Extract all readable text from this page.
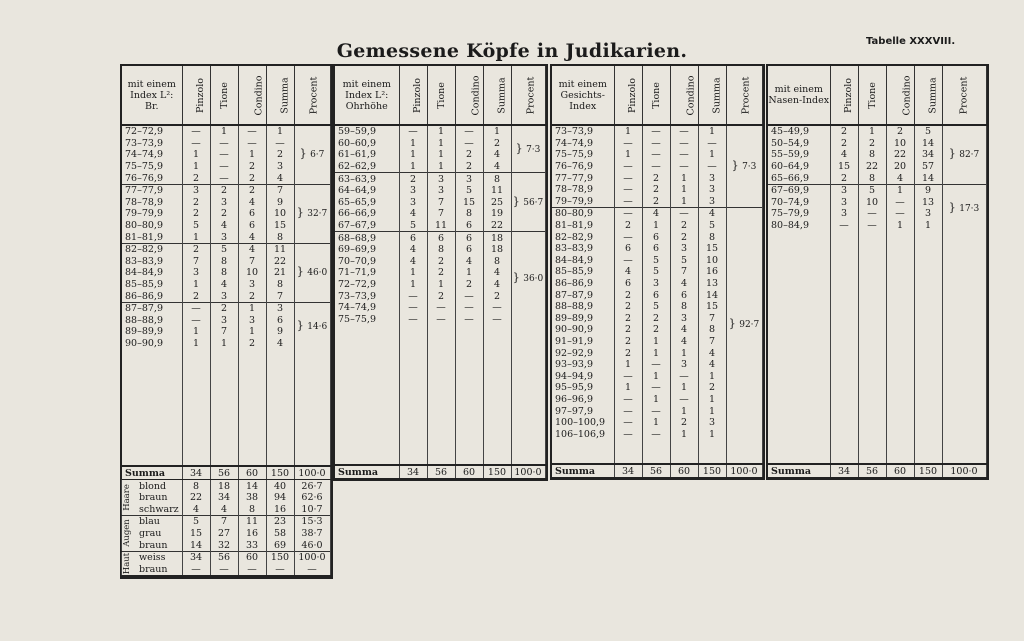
Gemessene Köpfe in Judikarien.	Tabelle XXXVIII.
mit einem Index L²: Br.	Pinzolo	Tione	Condino	Summa	Procent
72–72,9	—	1	—	1	} 6·7
73–73,9	—	—	—	—	
74–74,9	1	—	1	2	
75–75,9	1	—	2	3	
76–76,9	2	—	2	4	
77–77,9	3	2	2	7	} 32·7
78–78,9	2	3	4	9	
79–79,9	2	2	6	10	
80–80,9	5	4	6	15	
81–81,9	1	3	4	8	
82–82,9	2	5	4	11	} 46·0
83–83,9	7	8	7	22	
84–84,9	3	8	10	21	
85–85,9	1	4	3	8	
86–86,9	2	3	2	7	
87–87,9	—	2	1	3	} 14·6
88–88,9	—	3	3	6	
89–89,9	1	7	1	9	
90–90,9	1	1	2	4	

Summa	34	56	60	150	100·0

Haare blond	8	18	14	40	26·7
braun	22	34	38	94	62·6
schwarz	4	4	8	16	10·7

Augen blau	5	7	11	23	15·3
grau	15	27	16	58	38·7
braun	14	32	33	69	46·0

Haut weiss	34	56	60	150	100·0
braun	—	—	—	—	—
mit einem Index L²: Ohrhöhe	Pinzolo	Tione	Condino	Summa	Procent
59–59,9	—	1	—	1	} 7·3
60–60,9	1	1	—	2	
61–61,9	1	1	2	4	
62–62,9	1	1	2	4	
63–63,9	2	3	3	8	} 56·7
64–64,9	3	3	5	11	
65–65,9	3	7	15	25	
66–66,9	4	7	8	19	
67–67,9	5	11	6	22	
68–68,9	6	6	6	18	} 36·0
69–69,9	4	8	6	18	
70–70,9	4	2	4	8	
71–71,9	1	2	1	4	
72–72,9	1	1	2	4	
73–73,9	—	2	—	2	
74–74,9	—	—	—	—	
75–75,9	—	—	—	—	

Summa	34	56	60	150	100·0
mit einem Gesichts-Index	Pinzolo	Tione	Condino	Summa	Procent
73–73,9	1	—	—	1	} 7·3
74–74,9	—	—	—	—	
75–75,9	1	—	—	1	
76–76,9	—	—	—	—	
77–77,9	—	2	1	3	
78–78,9	—	2	1	3	
79–79,9	—	2	1	3	
80–80,9	—	4	—	4	} 92·7
81–81,9	2	1	2	5	
82–82,9	—	6	2	8	
83–83,9	6	6	3	15	
84–84,9	—	5	5	10	
85–85,9	4	5	7	16	
86–86,9	6	3	4	13	
87–87,9	2	6	6	14	
88–88,9	2	5	8	15	
89–89,9	2	2	3	7	
90–90,9	2	2	4	8	
91–91,9	2	1	4	7	
92–92,9	2	1	1	4	
93–93,9	1	—	3	4	
94–94,9	—	1	—	1	
95–95,9	1	—	1	2	
96–96,9	—	1	—	1	
97–97,9	—	—	1	1	
100–100,9	—	1	2	3	
106–106,9	—	—	1	1	

Summa	34	56	60	150	100·0
mit einem Nasen-Index	Pinzolo	Tione	Condino	Summa	Procent
45–49,9	2	1	2	5	} 82·7
50–54,9	2	2	10	14	
55–59,9	4	8	22	34	
60–64,9	15	22	20	57	
65–66,9	2	8	4	14	
67–69,9	3	5	1	9	} 17·3
70–74,9	3	10	—	13	
75–79,9	3	—	—	3	
80–84,9	—	—	1	1	

Summa	34	56	60	150	100·0
